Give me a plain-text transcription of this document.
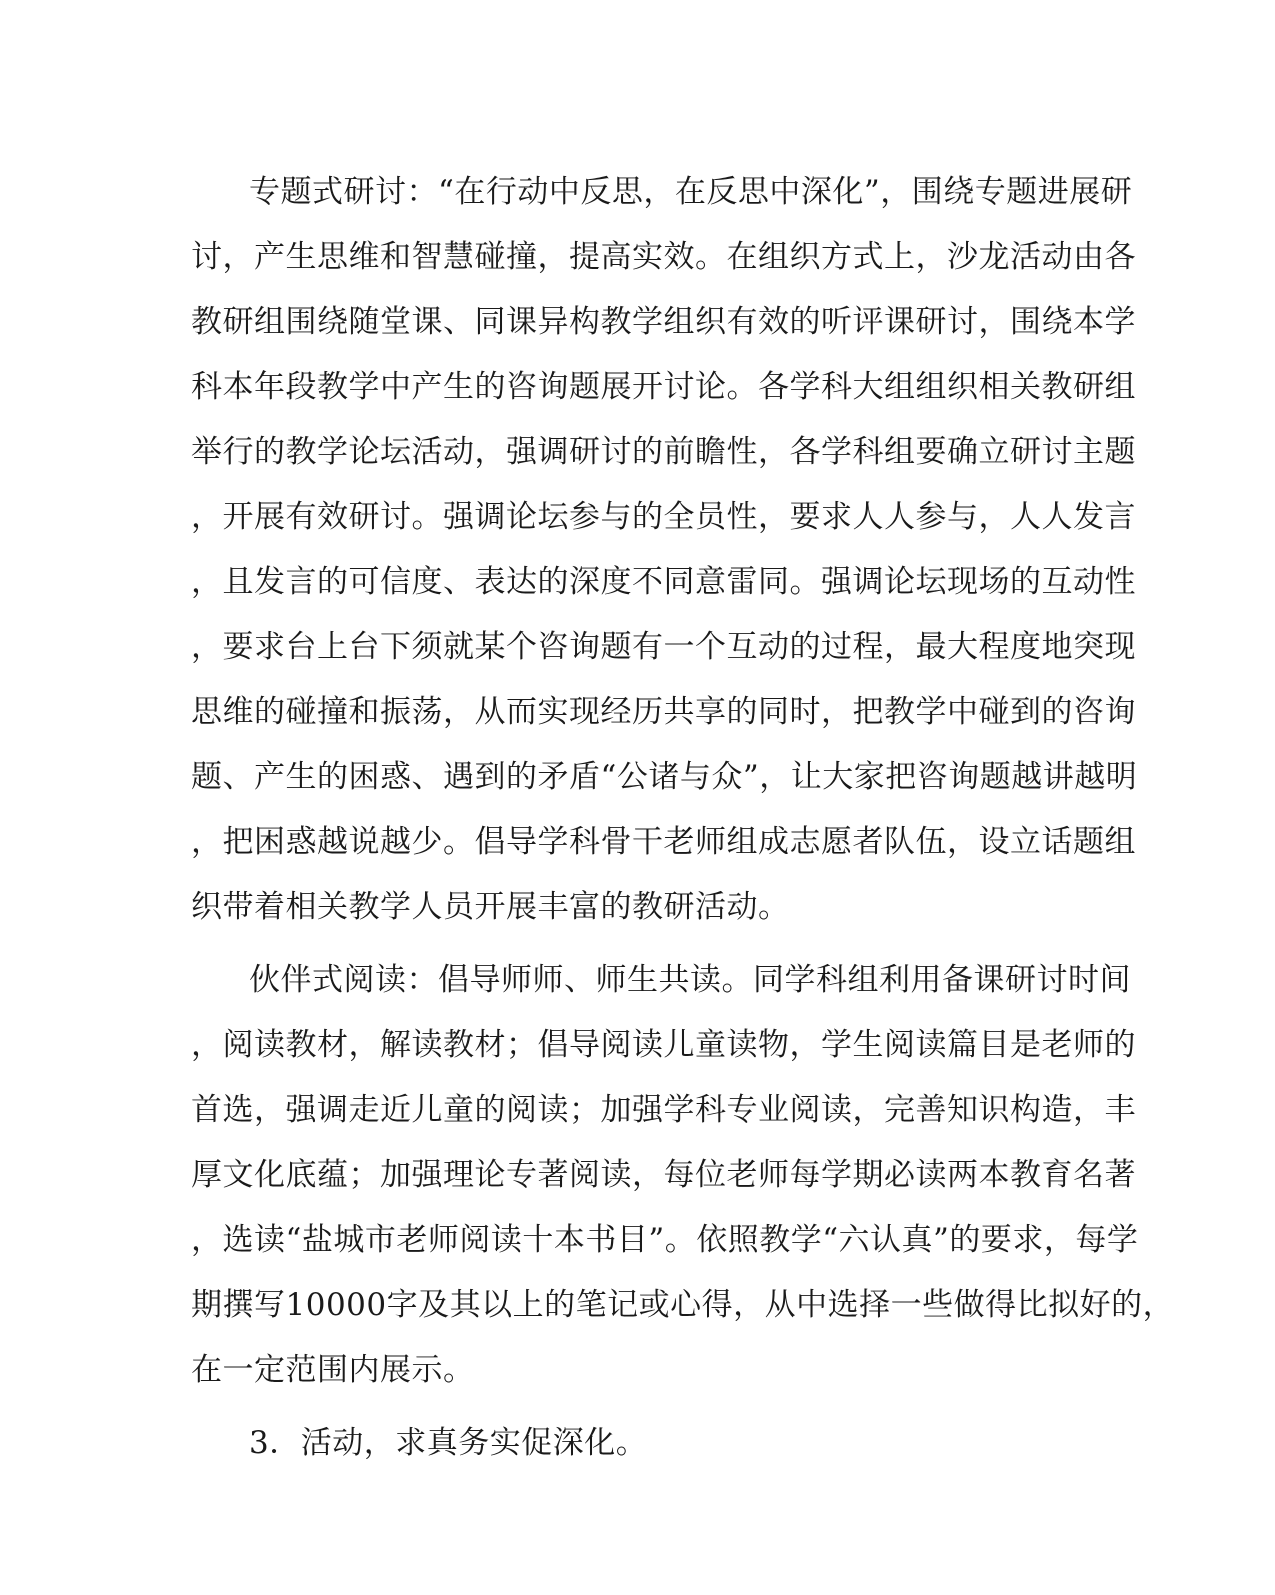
专题式研讨：“在行动中反思，在反思中深化”，围绕专题进展研
讨，产生思维和智慧碰撞，提高实效。在组织方式上，沙龙活动由各
教研组围绕随堂课、同课异构教学组织有效的听评课研讨，围绕本学
科本年段教学中产生的咨询题展开讨论。各学科大组组织相关教研组
举行的教学论坛活动，强调研讨的前瞻性，各学科组要确立研讨主题
，开展有效研讨。强调论坛参与的全员性，要求人人参与，人人发言
，且发言的可信度、表达的深度不同意雷同。强调论坛现场的互动性
，要求台上台下须就某个咨询题有一个互动的过程，最大程度地突现
思维的碰撞和振荡，从而实现经历共享的同时，把教学中碰到的咨询
题、产生的困惑、遇到的矛盾“公诸与众”，让大家把咨询题越讲越明
，把困惑越说越少。倡导学科骨干老师组成志愿者队伍，设立话题组
织带着相关教学人员开展丰富的教研活动。
伙伴式阅读：倡导师师、师生共读。同学科组利用备课研讨时间
，阅读教材，解读教材；倡导阅读儿童读物，学生阅读篇目是老师的
首选，强调走近儿童的阅读；加强学科专业阅读，完善知识构造，丰
厚文化底蕴；加强理论专著阅读，每位老师每学期必读两本教育名著
，选读“盐城市老师阅读十本书目”。依照教学“六认真”的要求，每学
期撰写10000字及其以上的笔记或心得，从中选择一些做得比拟好的，
在一定范围内展示。
3．活动，求真务实促深化。
